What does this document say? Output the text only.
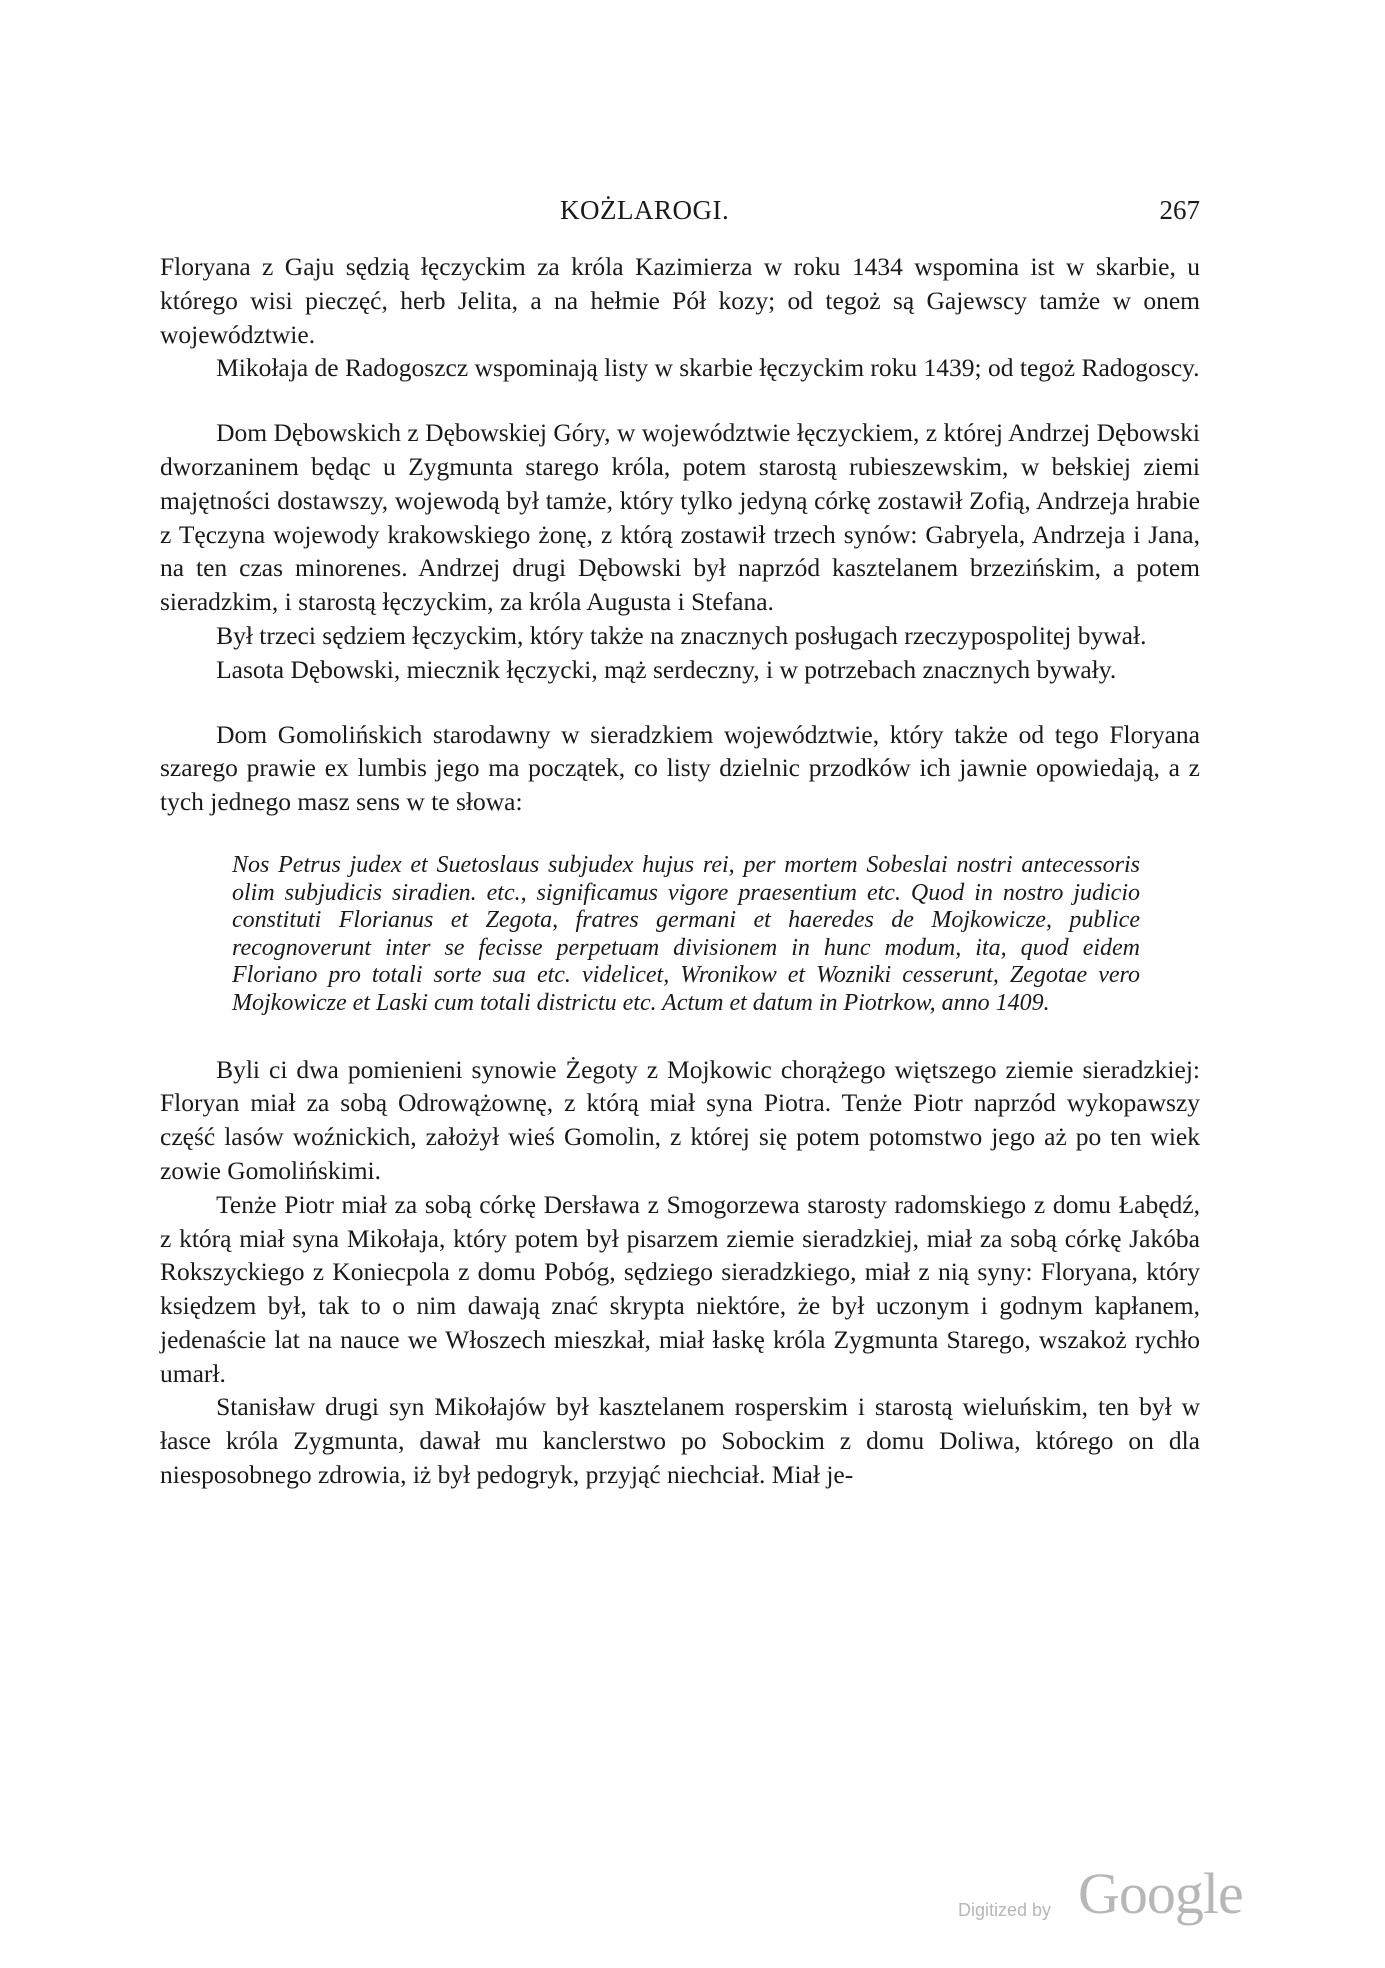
KOŻLAROGI.	267

Floryana z Gaju sędzią łęczyckim za króla Kazimierza w roku 1434 wspomina ist w skarbie, u którego wisi pieczęć, herb Jelita, a na hełmie Pół kozy; od tegoż są Gajewscy tamże w onem województwie.

Mikołaja de Radogoszcz wspominają listy w skarbie łęczyckim roku 1439; od tegoż Radogoscy.

Dom Dębowskich z Dębowskiej Góry, w województwie łęczyckiem, z której Andrzej Dębowski dworzaninem będąc u Zygmunta starego króla, potem starostą rubieszewskim, w bełskiej ziemi majętności dostawszy, wojewodą był tamże, który tylko jedyną córkę zostawił Zofią, Andrzeja hrabie z Tęczyna wojewody krakowskiego żonę, z którą zostawił trzech synów: Gabryela, Andrzeja i Jana, na ten czas minorenes. Andrzej drugi Dębowski był naprzód kasztelanem brzezińskim, a potem sieradzkim, i starostą łęczyckim, za króla Augusta i Stefana.

Był trzeci sędziem łęczyckim, który także na znacznych posługach rzeczypospolitej bywał.

Lasota Dębowski, miecznik łęczycki, mąż serdeczny, i w potrzebach znacznych bywały.

Dom Gomolińskich starodawny w sieradzkiem województwie, który także od tego Floryana szarego prawie ex lumbis jego ma początek, co listy dzielnic przodków ich jawnie opowiedają, a z tych jednego masz sens w te słowa:

Nos Petrus judex et Suetoslaus subjudex hujus rei, per mortem Sobeslai nostri antecessoris olim subjudicis siradien. etc., significamus vigore praesentium etc. Quod in nostro judicio constituti Florianus et Zegota, fratres germani et haeredes de Mojkowicze, publice recognoverunt inter se fecisse perpetuam divisionem in hunc modum, ita, quod eidem Floriano pro totali sorte sua etc. videlicet, Wronikow et Wozniki cesserunt, Zegotae vero Mojkowicze et Laski cum totali districtu etc. Actum et datum in Piotrkow, anno 1409.

Byli ci dwa pomienieni synowie Żegoty z Mojkowic chorążego więtszego ziemie sieradzkiej: Floryan miał za sobą Odrowążownę, z którą miał syna Piotra. Tenże Piotr naprzód wykopawszy część lasów woźnickich, założył wieś Gomolin, z której się potem potomstwo jego aż po ten wiek zowie Gomolińskimi.

Tenże Piotr miał za sobą córkę Dersława z Smogorzewa starosty radomskiego z domu Łabędź, z którą miał syna Mikołaja, który potem był pisarzem ziemie sieradzkiej, miał za sobą córkę Jakóba Rokszyckiego z Koniecpola z domu Pobóg, sędziego sieradzkiego, miał z nią syny: Floryana, który księdzem był, tak to o nim dawają znać skrypta niektóre, że był uczonym i godnym kapłanem, jedenaście lat na nauce we Włoszech mieszkał, miał łaskę króla Zygmunta Starego, wszakoż rychło umarł.

Stanisław drugi syn Mikołajów był kasztelanem rosperskim i starostą wieluńskim, ten był w łasce króla Zygmunta, dawał mu kanclerstwo po Sobockim z domu Doliwa, którego on dla niesposobnego zdrowia, iż był pedogryk, przyjąć niechciał. Miał je-

Digitized by Google
